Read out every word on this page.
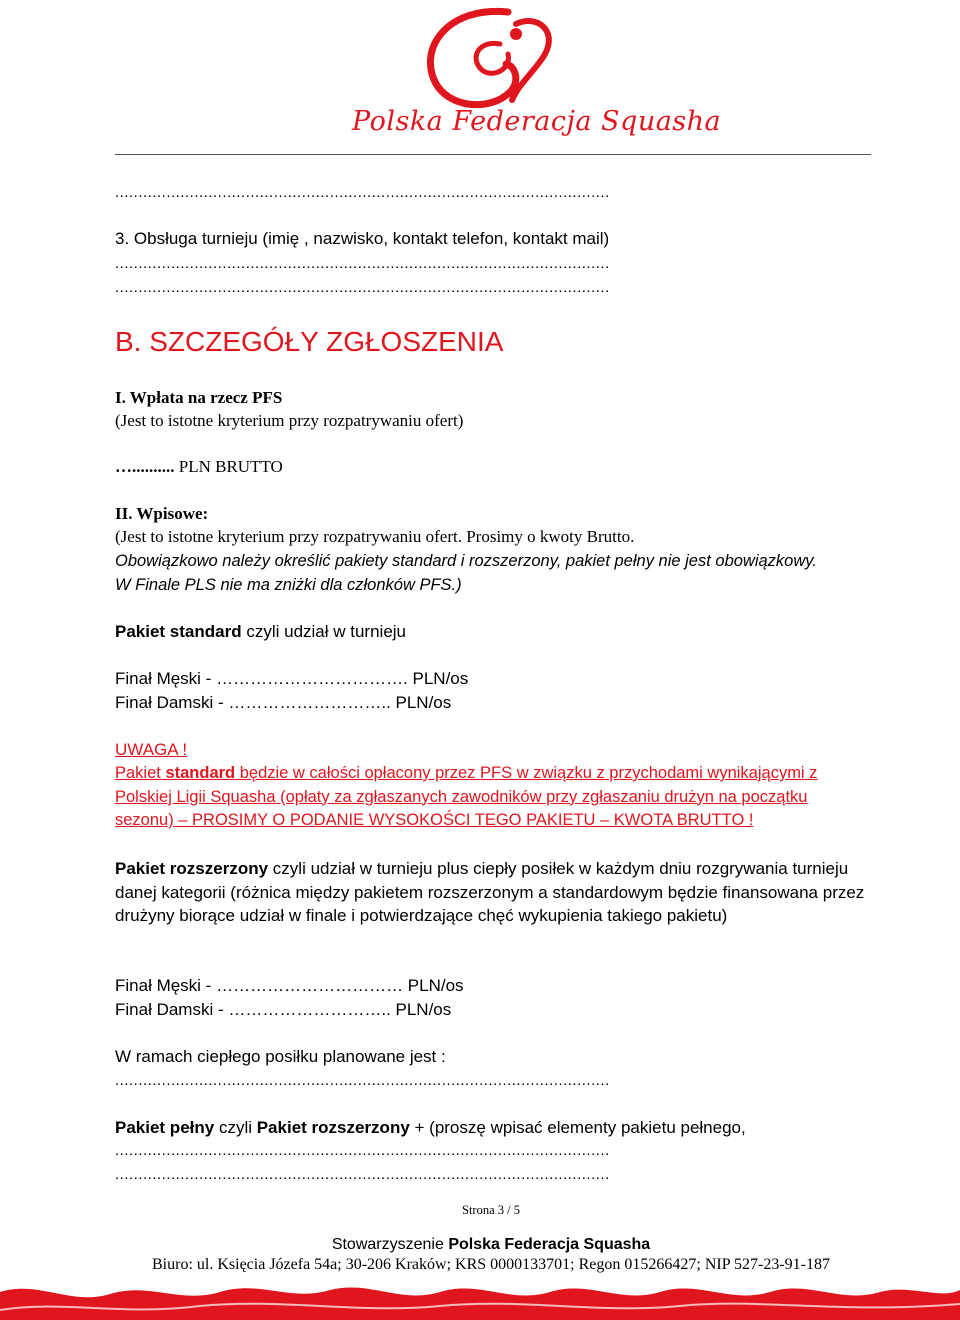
Polska Federacja Squasha
..........................................................................................................
3. Obsługa turnieju (imię , nazwisko, kontakt telefon, kontakt mail)
..........................................................................................................
..........................................................................................................
B. SZCZEGÓŁY ZGŁOSZENIA
I. Wpłata na rzecz PFS
(Jest to istotne kryterium przy rozpatrywaniu ofert)
….......... PLN BRUTTO
II. Wpisowe:
(Jest to istotne kryterium przy rozpatrywaniu ofert. Prosimy o kwoty Brutto.
Obowiązkowo należy określić pakiety standard i rozszerzony, pakiet pełny nie jest obowiązkowy.
W Finale PLS nie ma zniżki dla członków PFS.)
Pakiet standard czyli udział w turnieju
Finał Męski - ……………………………. PLN/os
Finał Damski - ……………………….. PLN/os
UWAGA !
Pakiet standard będzie w całości opłacony przez PFS w związku z przychodami wynikającymi z Polskiej Ligii Squasha (opłaty za zgłaszanych zawodników przy zgłaszaniu drużyn na początku sezonu) – PROSIMY O PODANIE WYSOKOŚCI TEGO PAKIETU – KWOTA BRUTTO !
Pakiet rozszerzony czyli udział w turnieju plus ciepły posiłek w każdym dniu rozgrywania turnieju danej kategorii (różnica między pakietem rozszerzonym a standardowym będzie finansowana przez drużyny biorące udział w finale i potwierdzające chęć wykupienia takiego pakietu)
Finał Męski - …………………………… PLN/os
Finał Damski - ……………………….. PLN/os
W ramach ciepłego posiłku planowane jest :
..........................................................................................................
Pakiet pełny czyli Pakiet rozszerzony + (proszę wpisać elementy pakietu pełnego,
..........................................................................................................
..........................................................................................................
Strona 3 / 5
Stowarzyszenie Polska Federacja Squasha
Biuro: ul. Księcia Józefa 54a; 30-206 Kraków; KRS 0000133701; Regon 015266427; NIP 527-23-91-187
